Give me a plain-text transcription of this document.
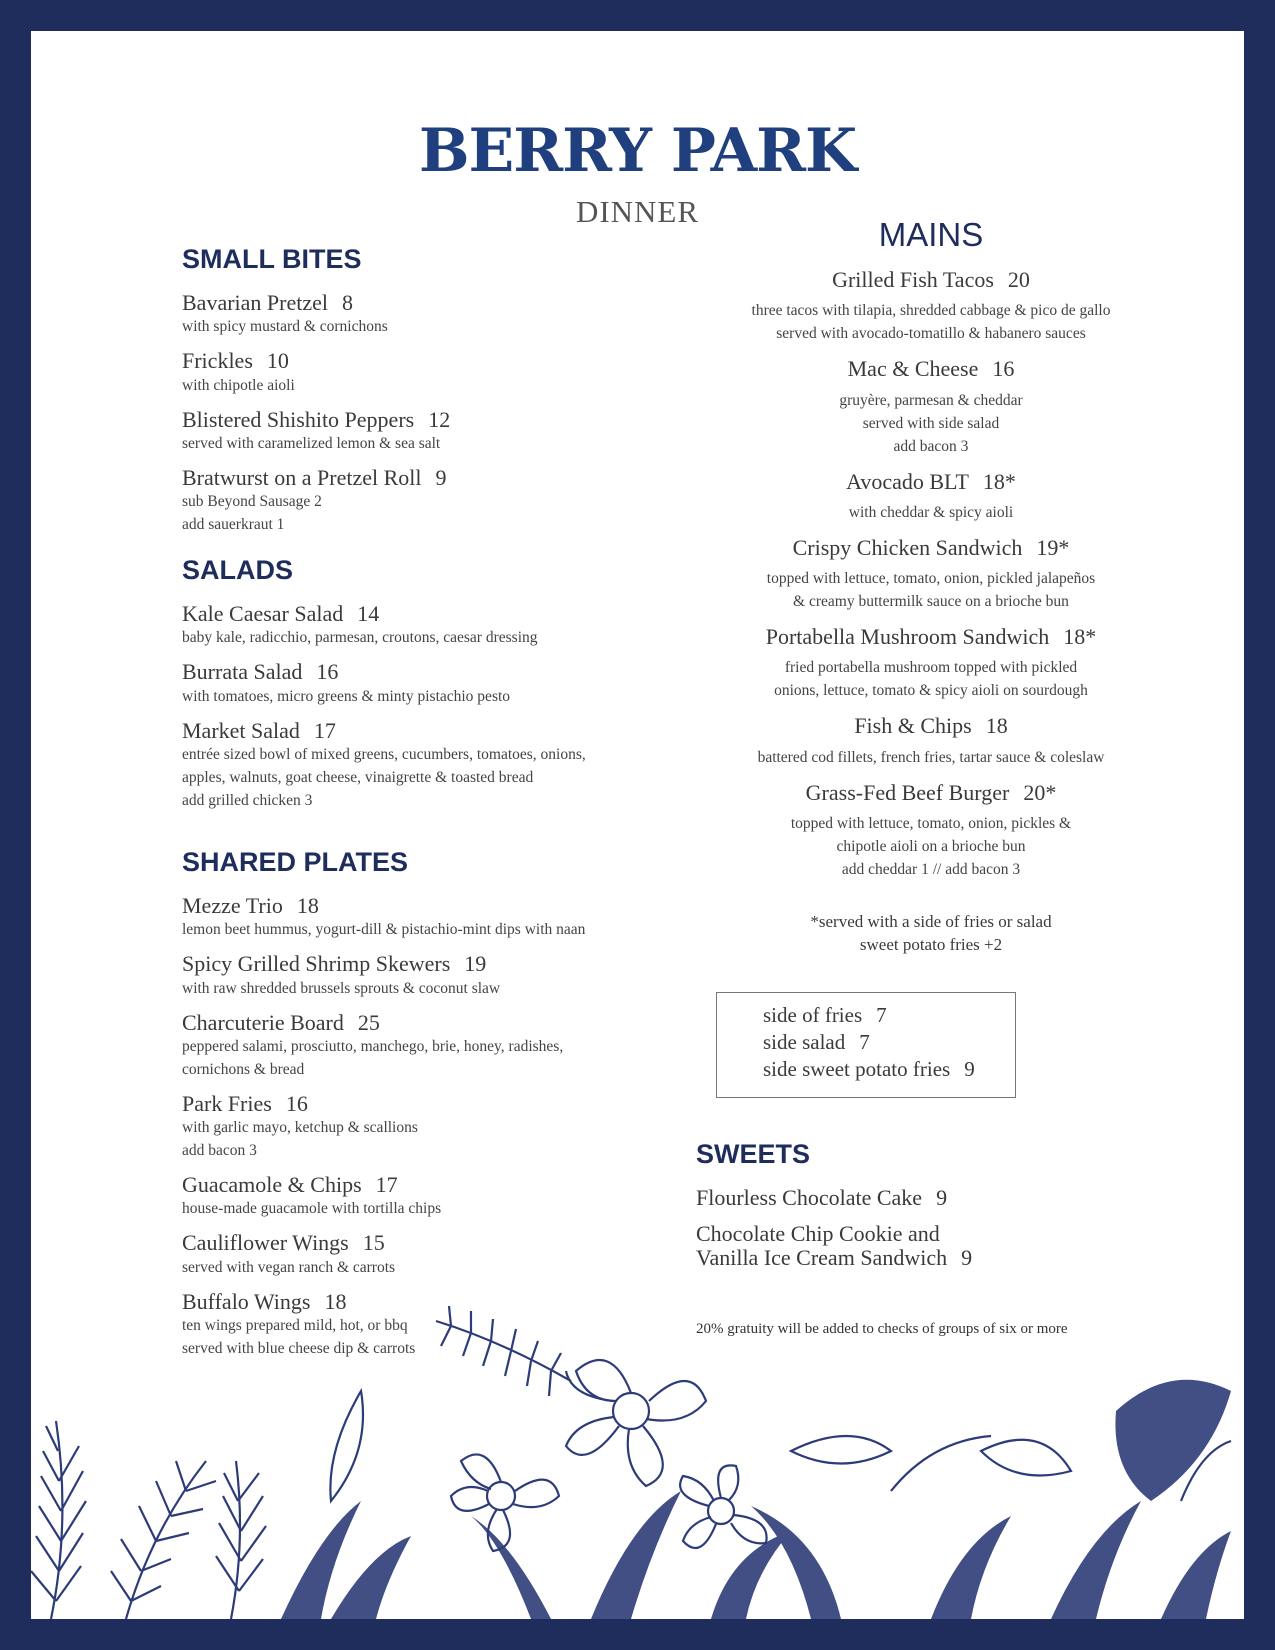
BERRY PARK
DINNER
SMALL BITES
Bavarian Pretzel 8
with spicy mustard & cornichons
Frickles 10
with chipotle aioli
Blistered Shishito Peppers 12
served with caramelized lemon & sea salt
Bratwurst on a Pretzel Roll 9
sub Beyond Sausage 2
add sauerkraut 1
SALADS
Kale Caesar Salad 14
baby kale, radicchio, parmesan, croutons, caesar dressing
Burrata Salad 16
with tomatoes, micro greens & minty pistachio pesto
Market Salad 17
entrée sized bowl of mixed greens, cucumbers, tomatoes, onions,
apples, walnuts, goat cheese, vinaigrette & toasted bread
add grilled chicken 3
SHARED PLATES
Mezze Trio 18
lemon beet hummus, yogurt-dill & pistachio-mint dips with naan
Spicy Grilled Shrimp Skewers 19
with raw shredded brussels sprouts & coconut slaw
Charcuterie Board 25
peppered salami, prosciutto, manchego, brie, honey, radishes,
cornichons & bread
Park Fries 16
with garlic mayo, ketchup & scallions
add bacon 3
Guacamole & Chips 17
house-made guacamole with tortilla chips
Cauliflower Wings 15
served with vegan ranch & carrots
Buffalo Wings 18
ten wings prepared mild, hot, or bbq
served with blue cheese dip & carrots
MAINS
Grilled Fish Tacos 20
three tacos with tilapia, shredded cabbage & pico de gallo
served with avocado-tomatillo & habanero sauces
Mac & Cheese 16
gruyère, parmesan & cheddar
served with side salad
add bacon 3
Avocado BLT 18*
with cheddar & spicy aioli
Crispy Chicken Sandwich 19*
topped with lettuce, tomato, onion, pickled jalapeños
& creamy buttermilk sauce on a brioche bun
Portabella Mushroom Sandwich 18*
fried portabella mushroom topped with pickled
onions, lettuce, tomato & spicy aioli on sourdough
Fish & Chips 18
battered cod fillets, french fries, tartar sauce & coleslaw
Grass-Fed Beef Burger 20*
topped with lettuce, tomato, onion, pickles &
chipotle aioli on a brioche bun
add cheddar 1 // add bacon 3
*served with a side of fries or salad
sweet potato fries +2
side of fries 7
side salad 7
side sweet potato fries 9
SWEETS
Flourless Chocolate Cake 9
Chocolate Chip Cookie and
Vanilla Ice Cream Sandwich 9
20% gratuity will be added to checks of groups of six or more
